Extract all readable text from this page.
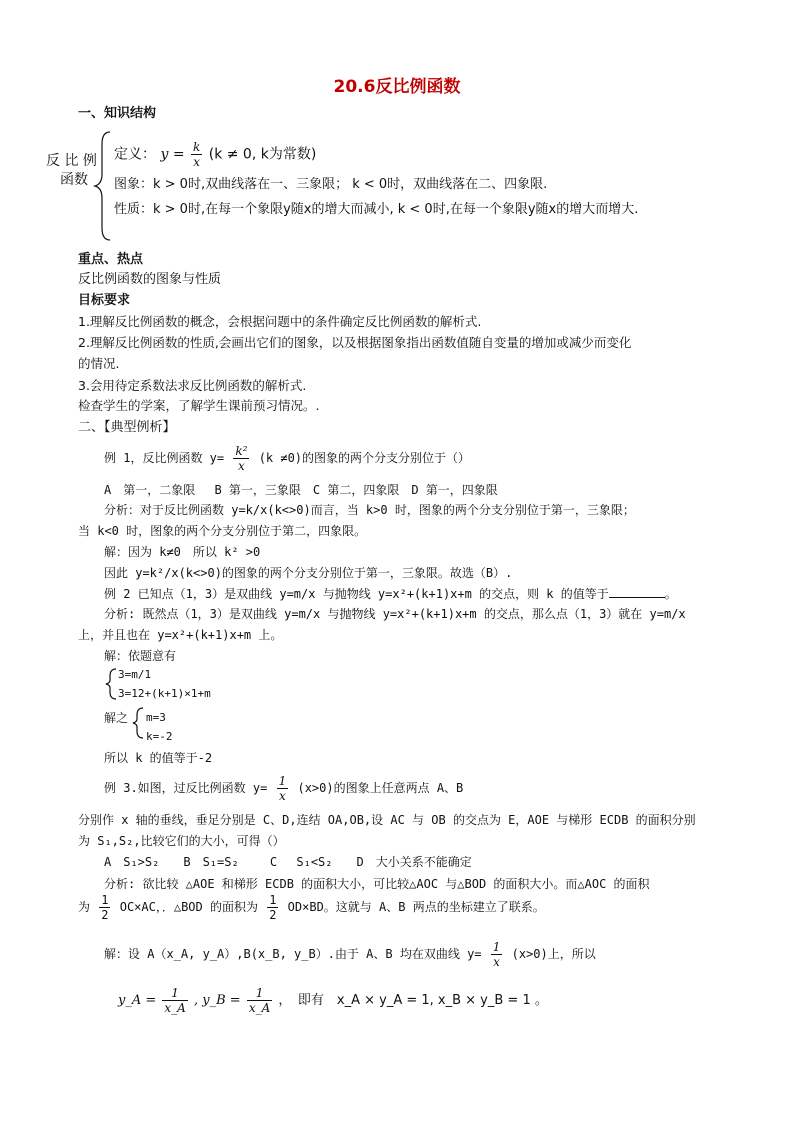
20.6反比例函数
一、知识结构
反 比 例
函数
定义： $y = \frac{k}{x} (k \ne 0$, k为常数)
图象：k > 0时,双曲线落在一、三象限； k < 0时，双曲线落在二、四象限.
性质：k > 0时,在每一个象限y随x的增大而减小, k < 0时,在每一个象限y随x的增大而增大.
重点、热点
反比例函数的图象与性质
目标要求
1.理解反比例函数的概念，会根据问题中的条件确定反比例函数的解析式.
2.理解反比例函数的性质,会画出它们的图象，以及根据图象指出函数值随自变量的增加或减少而变化
的情况.
3.会用待定系数法求反比例函数的解析式.
检查学生的学案，了解学生课前预习情况。.
二、【典型例析】
例 1，反比例函数 $y= \frac{\text{k²}}{x} (k \ne 0)$的图象的两个分支分别位于（）
A　第一，二象限　 B 第一，三象限　C 第二，四象限　D 第一，四象限
分析：对于反比例函数 y=k/x(k<>0)而言，当 k>0 时，图象的两个分支分别位于第一，三象限；
当 k<0 时，图象的两个分支分别位于第二，四象限。
解：因为 k≠0　所以 k² >0
因此 y=k²/x(k<>0)的图象的两个分支分别位于第一，三象限。故选（B）.
例 2 已知点（1，3）是双曲线 y=m/x 与抛物线 y=x²+(k+1)x+m 的交点，则 k 的值等于	。
分析: 既然点（1，3）是双曲线 y=m/x 与抛物线 y=x²+(k+1)x+m 的交点，那么点（1，3）就在 y=m/x
上，并且也在 y=x²+(k+1)x+m 上。
解：依题意有
3=m/1
3=12+(k+1)×1+m
解之 m=3
k=-2
所以 k 的值等于-2
例 3.如图，过反比例函数 $y= \frac{1}{x} (x>0)$的图象上任意两点 A、B
分别作 x 轴的垂线，垂足分别是 C、D,连结 OA,OB,设 AC 与 OB 的交点为 E，AOE 与梯形 ECDB 的面积分别
为 S₁,S₂,比较它们的大小，可得（）
A　S₁>S₂　　B　S₁=S₂　　 C　 S₁<S₂　　D　大小关系不能确定
分析: 欲比较 △AOE 和梯形 ECDB 的面积大小，可比较△AOC 与△BOD 的面积大小。而△AOC 的面积
为 $\frac{1}{2} OC\times AC$，．△BOD 的面积为 $\frac{1}{2} OD\times BD$。这就与 A、B 两点的坐标建立了联系。
解：设 A（x_A, y_A）,B(x_B, y_B）.由于 A、B 均在双曲线 $y= \frac{1}{x} (x>0)$上，所以
y_A = $\frac{1}{x\_A}$ , y_B = $\frac{1}{x\_A}$ ，　即有　x_A × y_A = 1, x_B × y_B = 1 。
